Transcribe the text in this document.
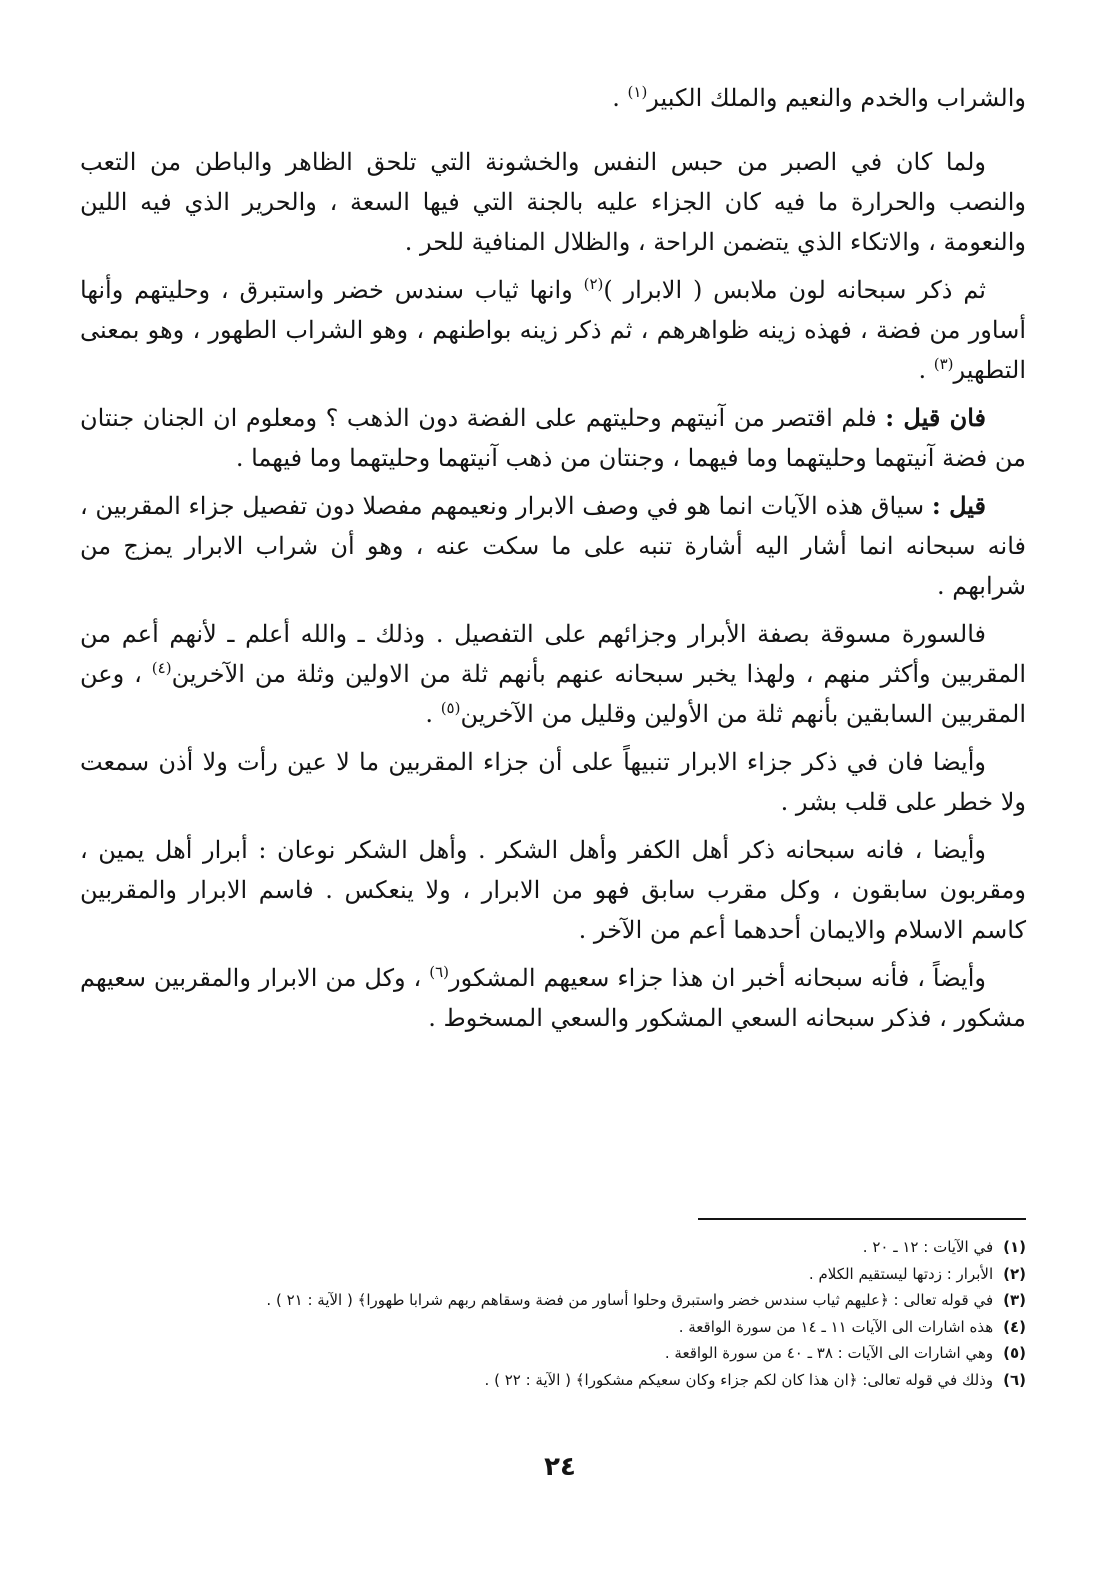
والشراب والخدم والنعيم والملك الكبير$^{(١)}$ .

ولما كان في الصبر من حبس النفس والخشونة التي تلحق الظاهر والباطن من التعب والنصب والحرارة ما فيه كان الجزاء عليه بالجنة التي فيها السعة ، والحرير الذي فيه اللين والنعومة ، والاتكاء الذي يتضمن الراحة ، والظلال المنافية للحر .

ثم ذكر سبحانه لون ملابس ( الابرار )$^{(٢)}$ وانها ثياب سندس خضر واستبرق ، وحليتهم وأنها أساور من فضة ، فهذه زينه ظواهرهم ، ثم ذكر زينه بواطنهم ، وهو الشراب الطهور ، وهو بمعنى التطهير$^{(٣)}$ .

فان قيل : فلم اقتصر من آنيتهم وحليتهم على الفضة دون الذهب ؟ ومعلوم ان الجنان جنتان من فضة آنيتهما وحليتهما وما فيهما ، وجنتان من ذهب آنيتهما وحليتهما وما فيهما .

قيل : سياق هذه الآيات انما هو في وصف الابرار ونعيمهم مفصلا دون تفصيل جزاء المقربين ، فانه سبحانه انما أشار اليه أشارة تنبه على ما سكت عنه ، وهو أن شراب الابرار يمزج من شرابهم .

فالسورة مسوقة بصفة الأبرار وجزائهم على التفصيل . وذلك ـ والله أعلم ـ لأنهم أعم من المقربين وأكثر منهم ، ولهذا يخبر سبحانه عنهم بأنهم ثلة من الاولين وثلة من الآخرين$^{(٤)}$ ، وعن المقربين السابقين بأنهم ثلة من الأولين وقليل من الآخرين$^{(٥)}$ .

وأيضا فان في ذكر جزاء الابرار تنبيهاً على أن جزاء المقربين ما لا عين رأت ولا أذن سمعت ولا خطر على قلب بشر .

وأيضا ، فانه سبحانه ذكر أهل الكفر وأهل الشكر . وأهل الشكر نوعان : أبرار أهل يمين ، ومقربون سابقون ، وكل مقرب سابق فهو من الابرار ، ولا ينعكس . فاسم الابرار والمقربين كاسم الاسلام والايمان أحدهما أعم من الآخر .

وأيضاً ، فأنه سبحانه أخبر ان هذا جزاء سعيهم المشكور$^{(٦)}$ ، وكل من الابرار والمقربين سعيهم مشكور ، فذكر سبحانه السعي المشكور والسعي المسخوط .

(١)في الآيات : ١٢ ـ ٢٠ .

(٢)الأبرار : زدتها ليستقيم الكلام .

(٣)في قوله تعالى : ﴿عليهم ثياب سندس خضر واستبرق وحلوا أساور من فضة وسقاهم ربهم شرابا طهورا﴾ ( الآية : ٢١ ) .

(٤)هذه اشارات الى الآيات ١١ ـ ١٤ من سورة الواقعة .

(٥)وهي اشارات الى الآيات : ٣٨ ـ ٤٠ من سورة الواقعة .

(٦)وذلك في قوله تعالى: ﴿ان هذا كان لكم جزاء وكان سعيكم مشكورا﴾ ( الآية : ٢٢ ) .

٢٤
